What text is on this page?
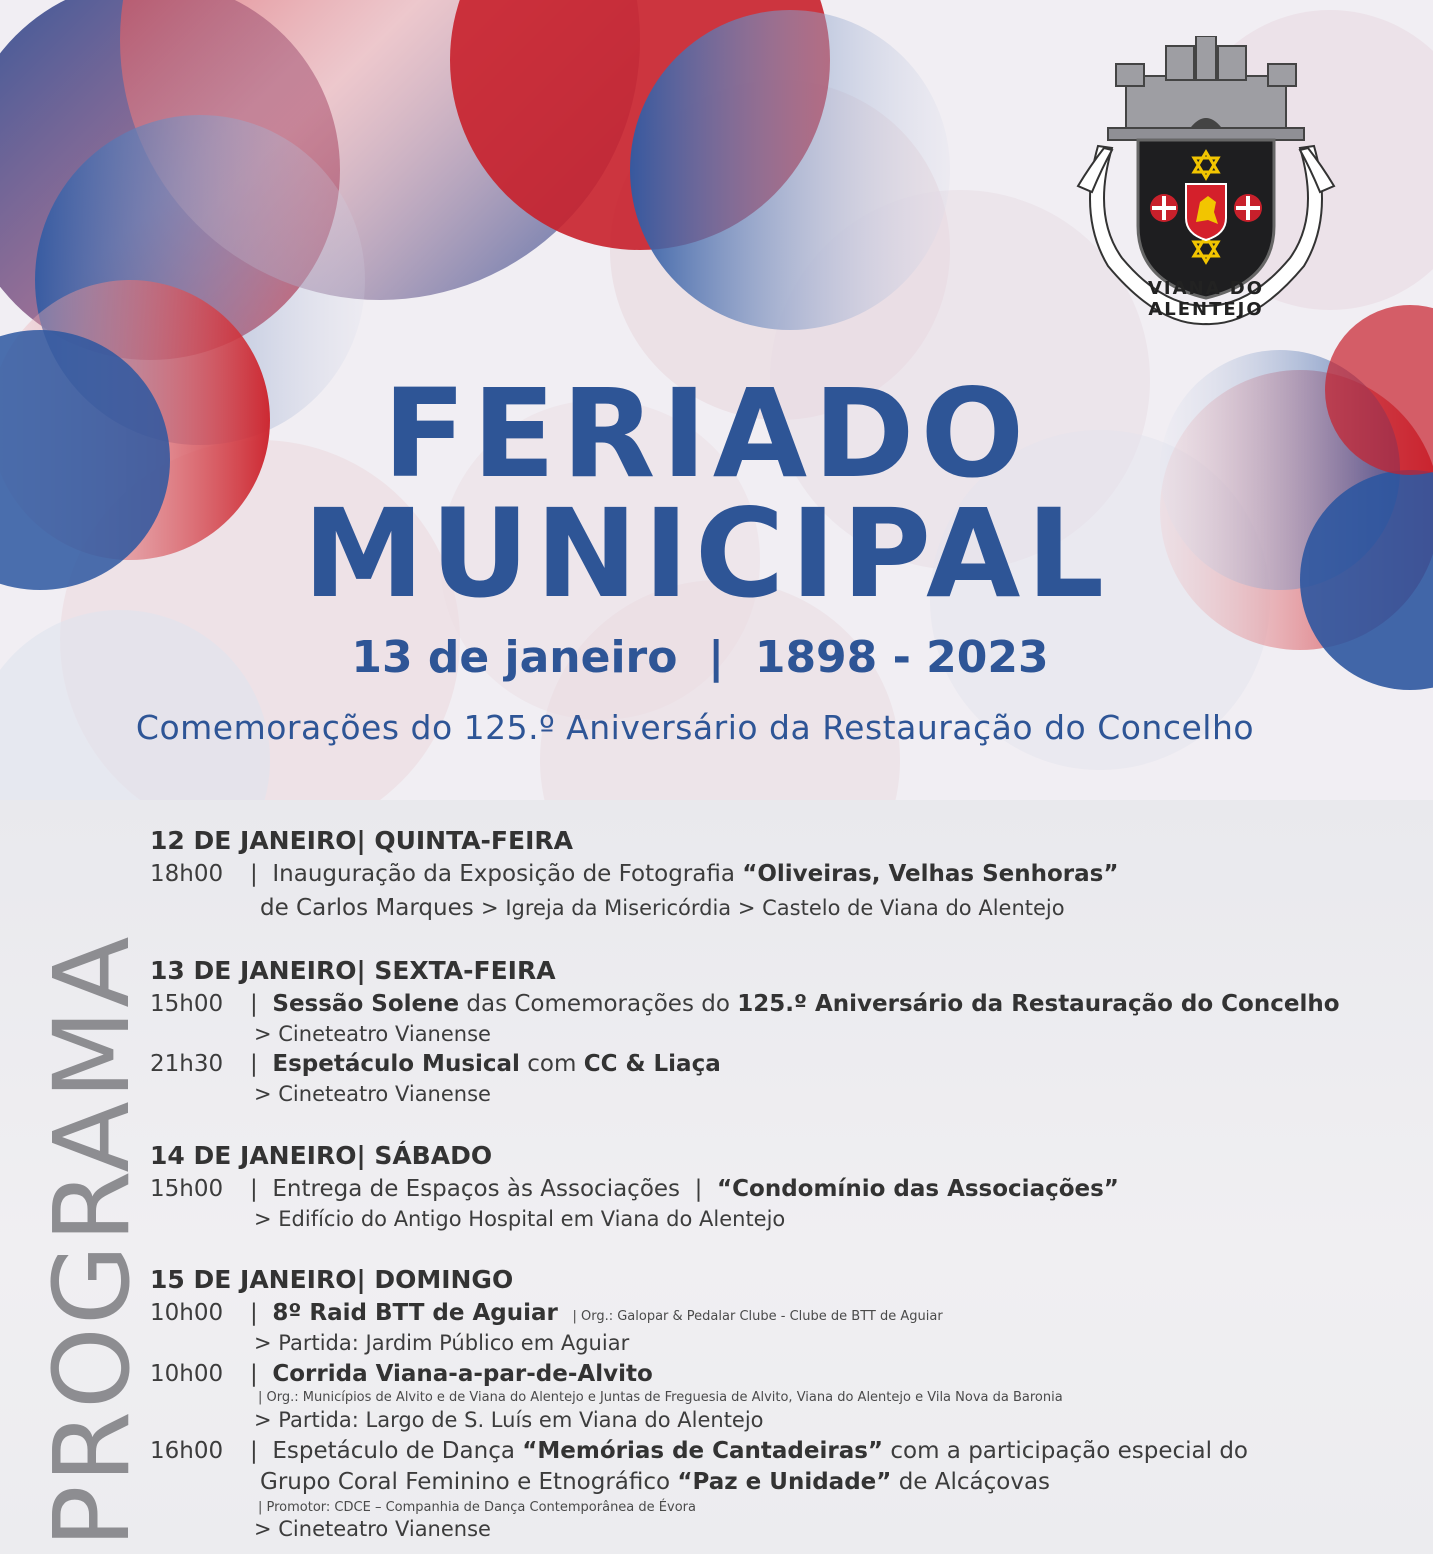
FERIADO
MUNICIPAL
13 de janeiro  |  1898 - 2023
Comemorações do 125.º Aniversário da Restauração do Concelho
VIANA DO ALENTEJO
PROGRAMA
12 DE JANEIRO| QUINTA-FEIRA
18h00 | Inauguração da Exposição de Fotografia “Oliveiras, Velhas Senhoras”
de Carlos Marques > Igreja da Misericórdia > Castelo de Viana do Alentejo
13 DE JANEIRO| SEXTA-FEIRA
15h00 | Sessão Solene das Comemorações do 125.º Aniversário da Restauração do Concelho
> Cineteatro Vianense
21h30 | Espetáculo Musical com CC & Liaça
> Cineteatro Vianense
14 DE JANEIRO| SÁBADO
15h00 | Entrega de Espaços às Associações  |  “Condomínio das Associações”
> Edifício do Antigo Hospital em Viana do Alentejo
15 DE JANEIRO| DOMINGO
10h00 | 8º Raid BTT de Aguiar | Org.: Galopar & Pedalar Clube - Clube de BTT de Aguiar
> Partida: Jardim Público em Aguiar
10h00 | Corrida Viana-a-par-de-Alvito
| Org.: Municípios de Alvito e de Viana do Alentejo e Juntas de Freguesia de Alvito, Viana do Alentejo e Vila Nova da Baronia
> Partida: Largo de S. Luís em Viana do Alentejo
16h00 | Espetáculo de Dança “Memórias de Cantadeiras” com a participação especial do
Grupo Coral Feminino e Etnográfico “Paz e Unidade” de Alcáçovas
| Promotor: CDCE – Companhia de Dança Contemporânea de Évora
> Cineteatro Vianense
